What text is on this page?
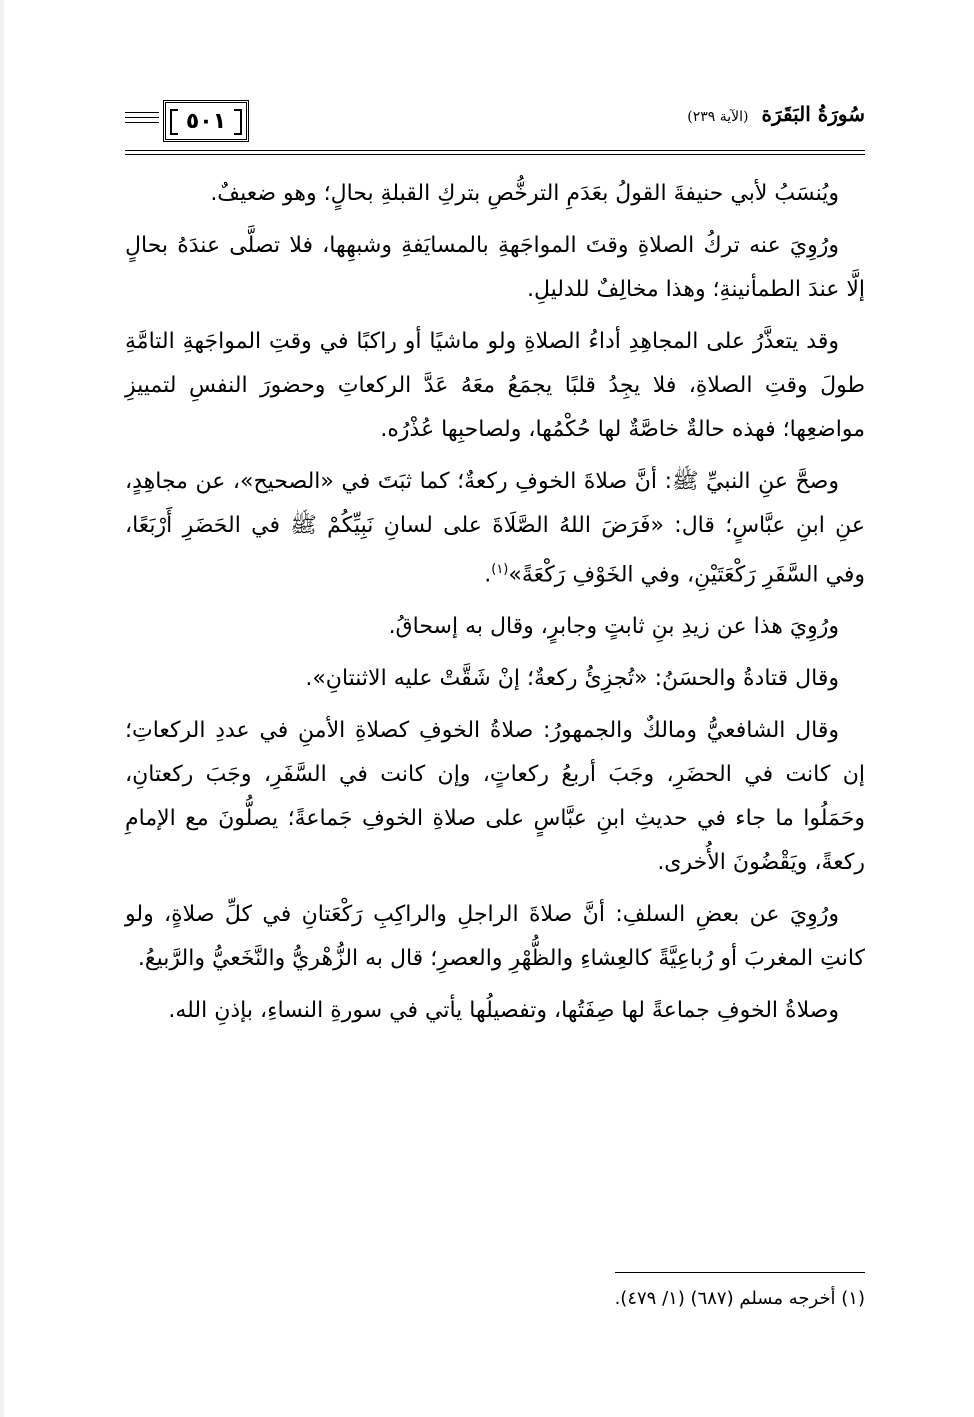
٥٠١	سُورَةُ البَقَرَة (الآية ٢٣٩)

ويُنسَبُ لأبي حنيفةَ القولُ بعَدَمِ الترخُّصِ بتركِ القبلةِ بحالٍ؛ وهو ضعيفٌ.

ورُوِيَ عنه تركُ الصلاةِ وقتَ المواجَهةِ بالمسايَفةِ وشبهِها، فلا تصلَّى عندَهُ بحالٍ إلَّا عندَ الطمأنينةِ؛ وهذا مخالِفٌ للدليلِ.

وقد يتعذَّرُ على المجاهِدِ أداءُ الصلاةِ ولو ماشيًا أو راكبًا في وقتِ المواجَهةِ التامَّةِ طولَ وقتِ الصلاةِ، فلا يجِدُ قلبًا يجمَعُ معَهُ عَدَّ الركعاتِ وحضورَ النفسِ لتمييزِ مواضعِها؛ فهذه حالةٌ خاصَّةٌ لها حُكْمُها، ولصاحبِها عُذْرُه.

وصحَّ عنِ النبيِّ ﷺ: أنَّ صلاةَ الخوفِ ركعةٌ؛ كما ثبَتَ في «الصحيح»، عن مجاهِدٍ، عنِ ابنِ عبَّاسٍ؛ قال: «فَرَضَ اللهُ الصَّلَاةَ على لسانِ نَبِيِّكُمْ ﷺ في الحَضَرِ أَرْبَعًا، وفي السَّفَرِ رَكْعَتَيْنِ، وفي الخَوْفِ رَكْعَةً»$^{(١)}$.

ورُوِيَ هذا عن زيدِ بنِ ثابتٍ وجابرٍ، وقال به إسحاقُ.

وقال قتادةُ والحسَنُ: «تُجزِئُ ركعةٌ؛ إنْ شَقَّتْ عليه الاثنتانِ».

وقال الشافعيُّ ومالكٌ والجمهورُ: صلاةُ الخوفِ كصلاةِ الأمنِ في عددِ الركعاتِ؛ إن كانت في الحضَرِ، وجَبَ أربعُ ركعاتٍ، وإن كانت في السَّفَرِ، وجَبَ ركعتانِ، وحَمَلُوا ما جاء في حديثِ ابنِ عبَّاسٍ على صلاةِ الخوفِ جَماعةً؛ يصلُّونَ مع الإمامِ ركعةً، ويَقْضُونَ الأُخرى.

ورُوِيَ عن بعضِ السلفِ: أنَّ صلاةَ الراجلِ والراكِبِ رَكْعَتانِ في كلِّ صلاةٍ، ولو كانتِ المغربَ أو رُباعِيَّةً كالعِشاءِ والظُّهْرِ والعصرِ؛ قال به الزُّهْريُّ والنَّخَعيُّ والرَّبيعُ.

وصلاةُ الخوفِ جماعةً لها صِفَتُها، وتفصيلُها يأتي في سورةِ النساءِ، بإذنِ الله.

(١) أخرجه مسلم (٦٨٧) (١/ ٤٧٩).
